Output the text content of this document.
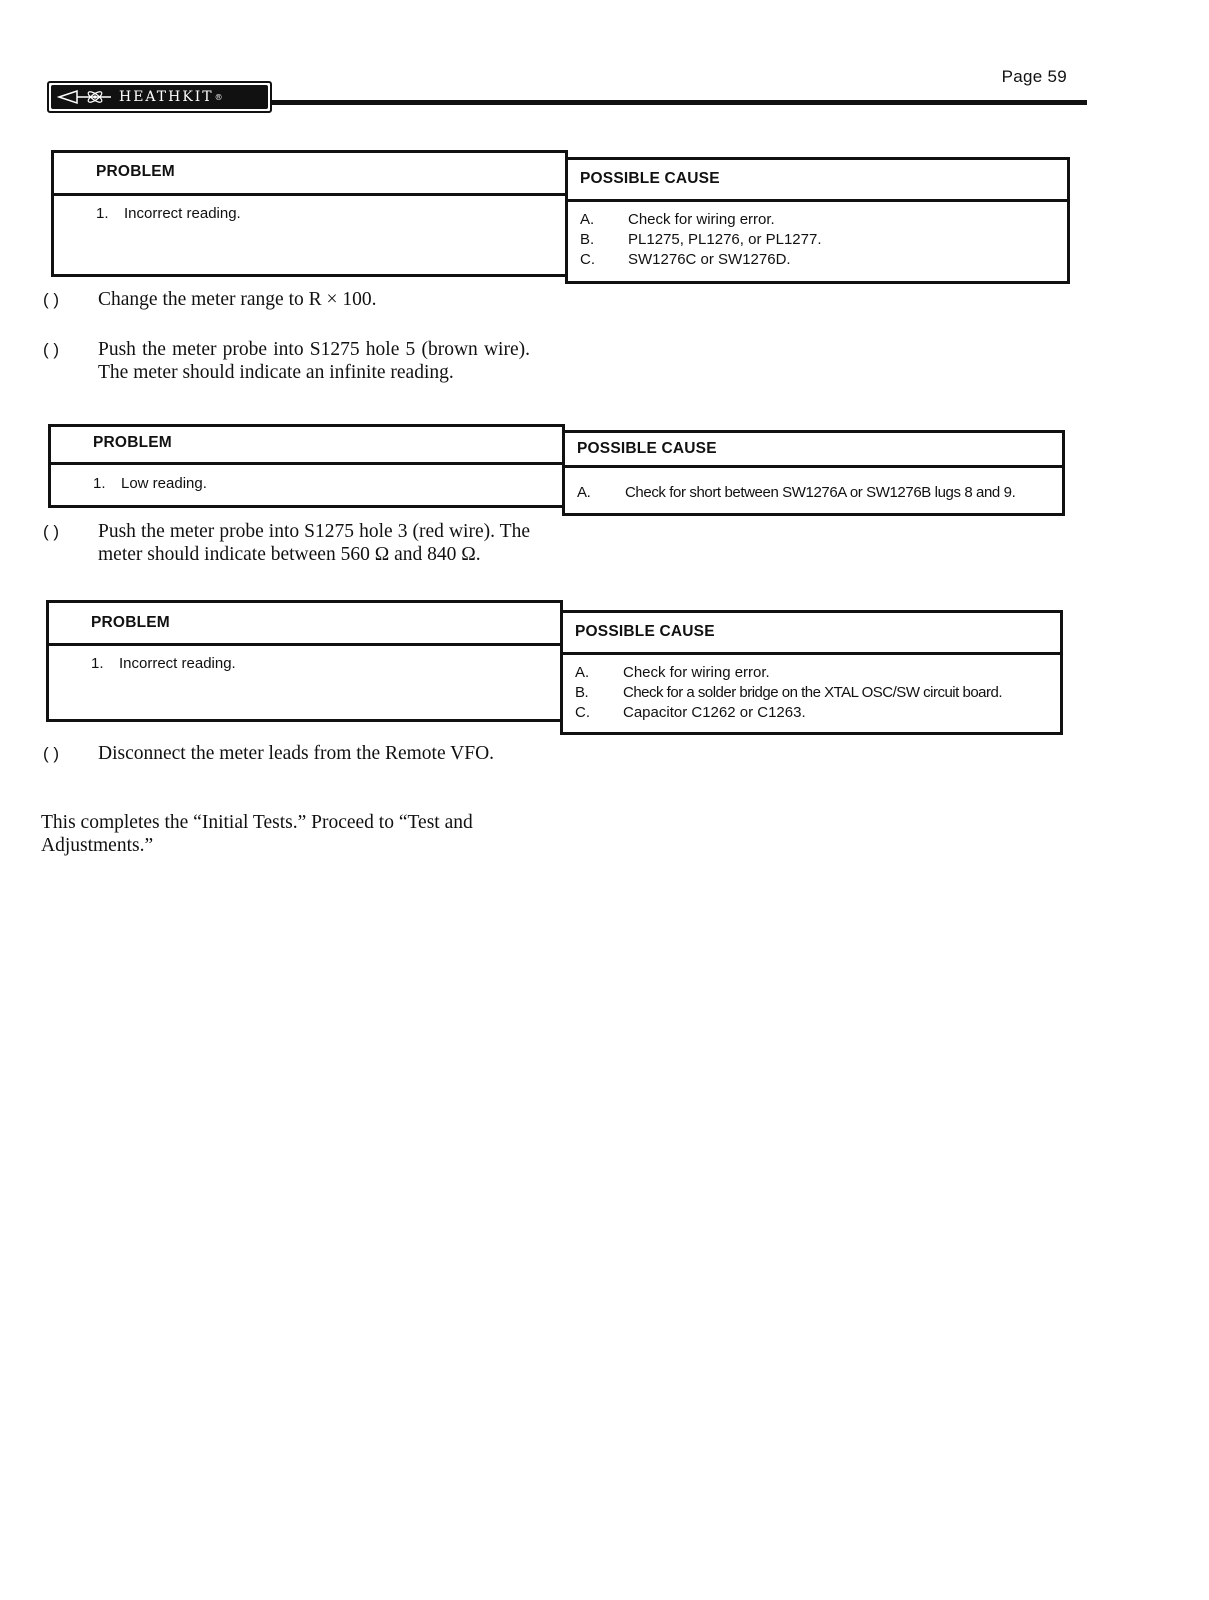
HEATHKIT ®
Page 59
PROBLEM	POSSIBLE CAUSE
1. Incorrect reading.	A.	Check for wiring error.
B.	PL1275, PL1276, or PL1277.
C.	SW1276C or SW1276D.
( )	Change the meter range to R × 100.
( )	Push the meter probe into S1275 hole 5 (brown wire). The meter should indicate an infinite reading.
PROBLEM	POSSIBLE CAUSE
1. Low reading.
A.	Check for short between SW1276A or SW1276B lugs 8 and 9.
( )	Push the meter probe into S1275 hole 3 (red wire). The meter should indicate between 560 Ω and 840 Ω.
PROBLEM
POSSIBLE CAUSE
1. Incorrect reading.
A.	Check for wiring error.
B.	Check for a solder bridge on the XTAL OSC/SW circuit board.
C.	Capacitor C1262 or C1263.
( )	Disconnect the meter leads from the Remote VFO.
This completes the “Initial Tests.” Proceed to “Test and Adjustments.”
